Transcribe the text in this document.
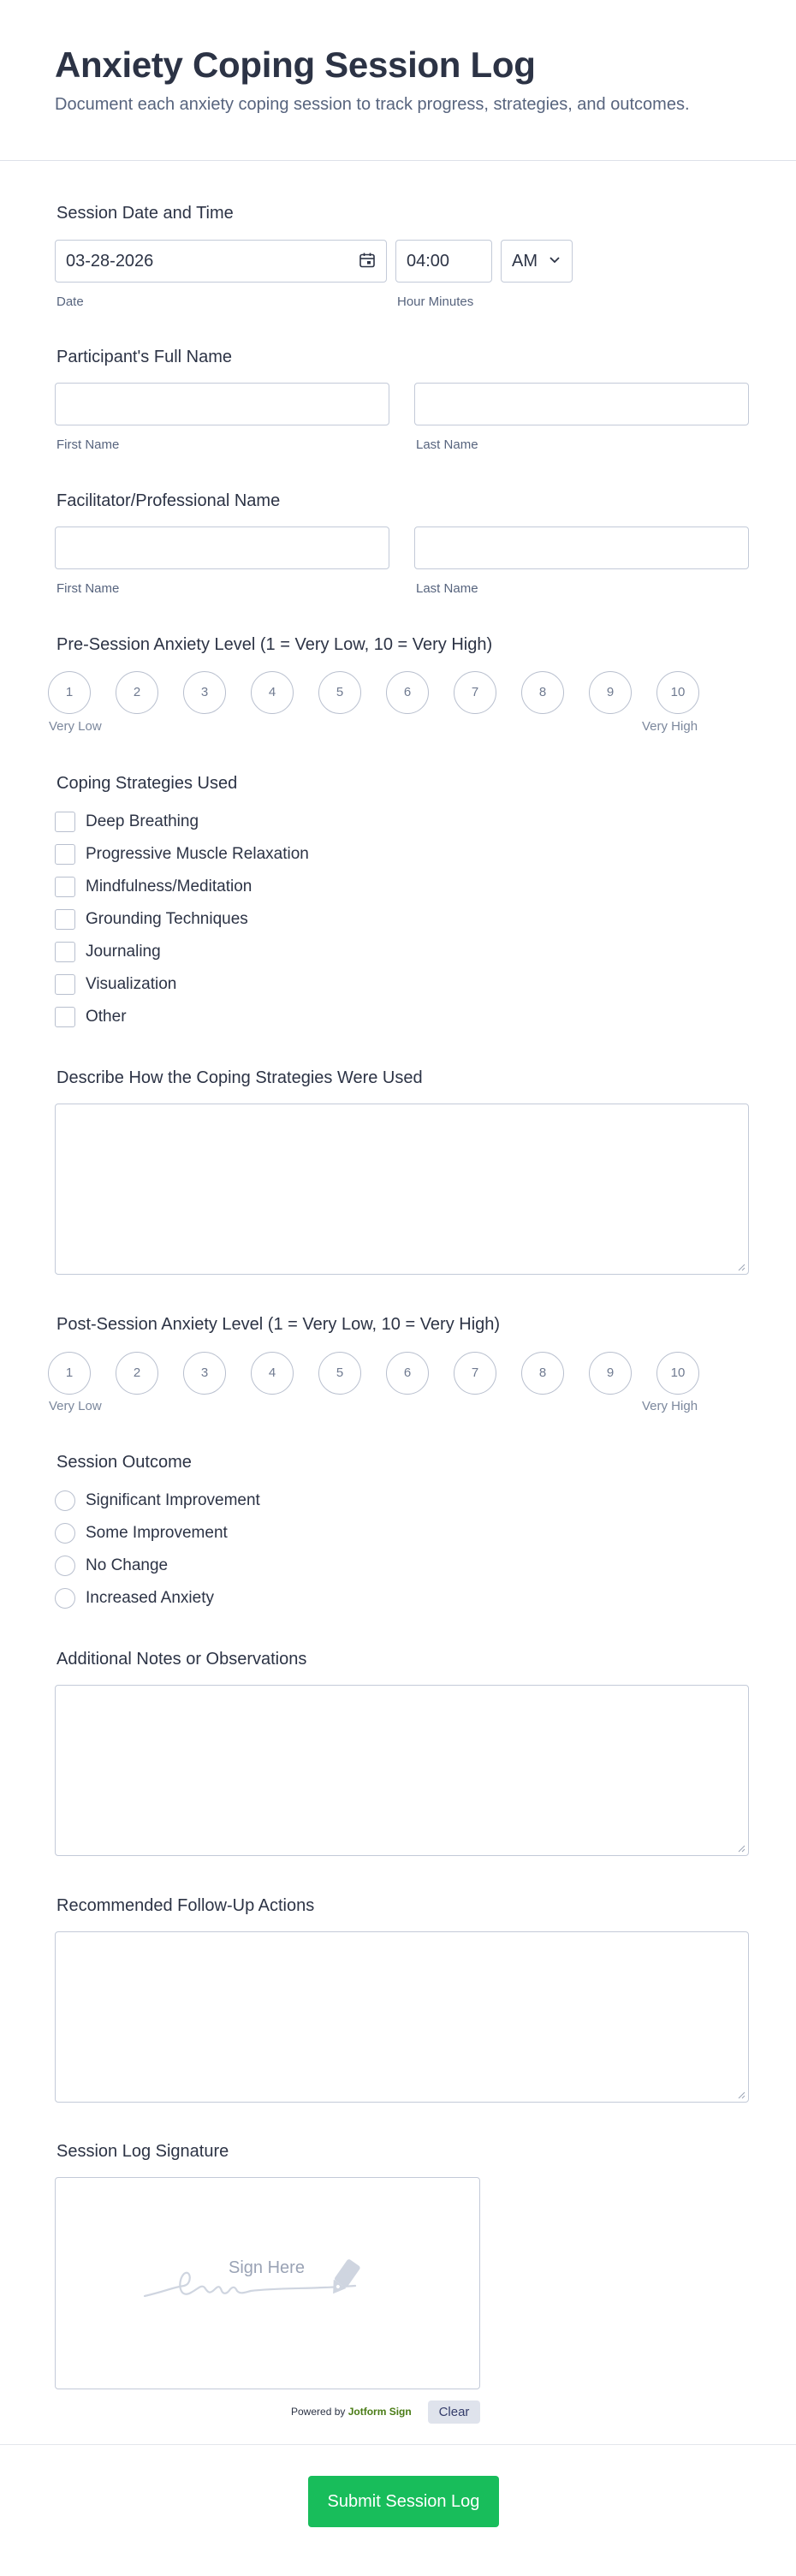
Anxiety Coping Session Log

Document each anxiety coping session to track progress, strategies, and outcomes.

Session Date and Time
03-28-2026
Date
04:00
Hour Minutes
AM
Participant's Full Name
First Name	Last Name
Facilitator/Professional Name
First Name	Last Name
Pre-Session Anxiety Level (1 = Very Low, 10 = Very High)
1	2	3	4	5	6	7	8	9	10
Very Low	Very High
Coping Strategies Used
Deep Breathing
Progressive Muscle Relaxation
Mindfulness/Meditation
Grounding Techniques
Journaling
Visualization
Other
Describe How the Coping Strategies Were Used
Post-Session Anxiety Level (1 = Very Low, 10 = Very High)
1	2	3	4	5	6	7	8	9	10
Very Low	Very High
Session Outcome
Significant Improvement
Some Improvement
No Change
Increased Anxiety
Additional Notes or Observations
Recommended Follow-Up Actions
Session Log Signature
Sign Here
Powered by Jotform Sign	Clear
Submit Session Log
